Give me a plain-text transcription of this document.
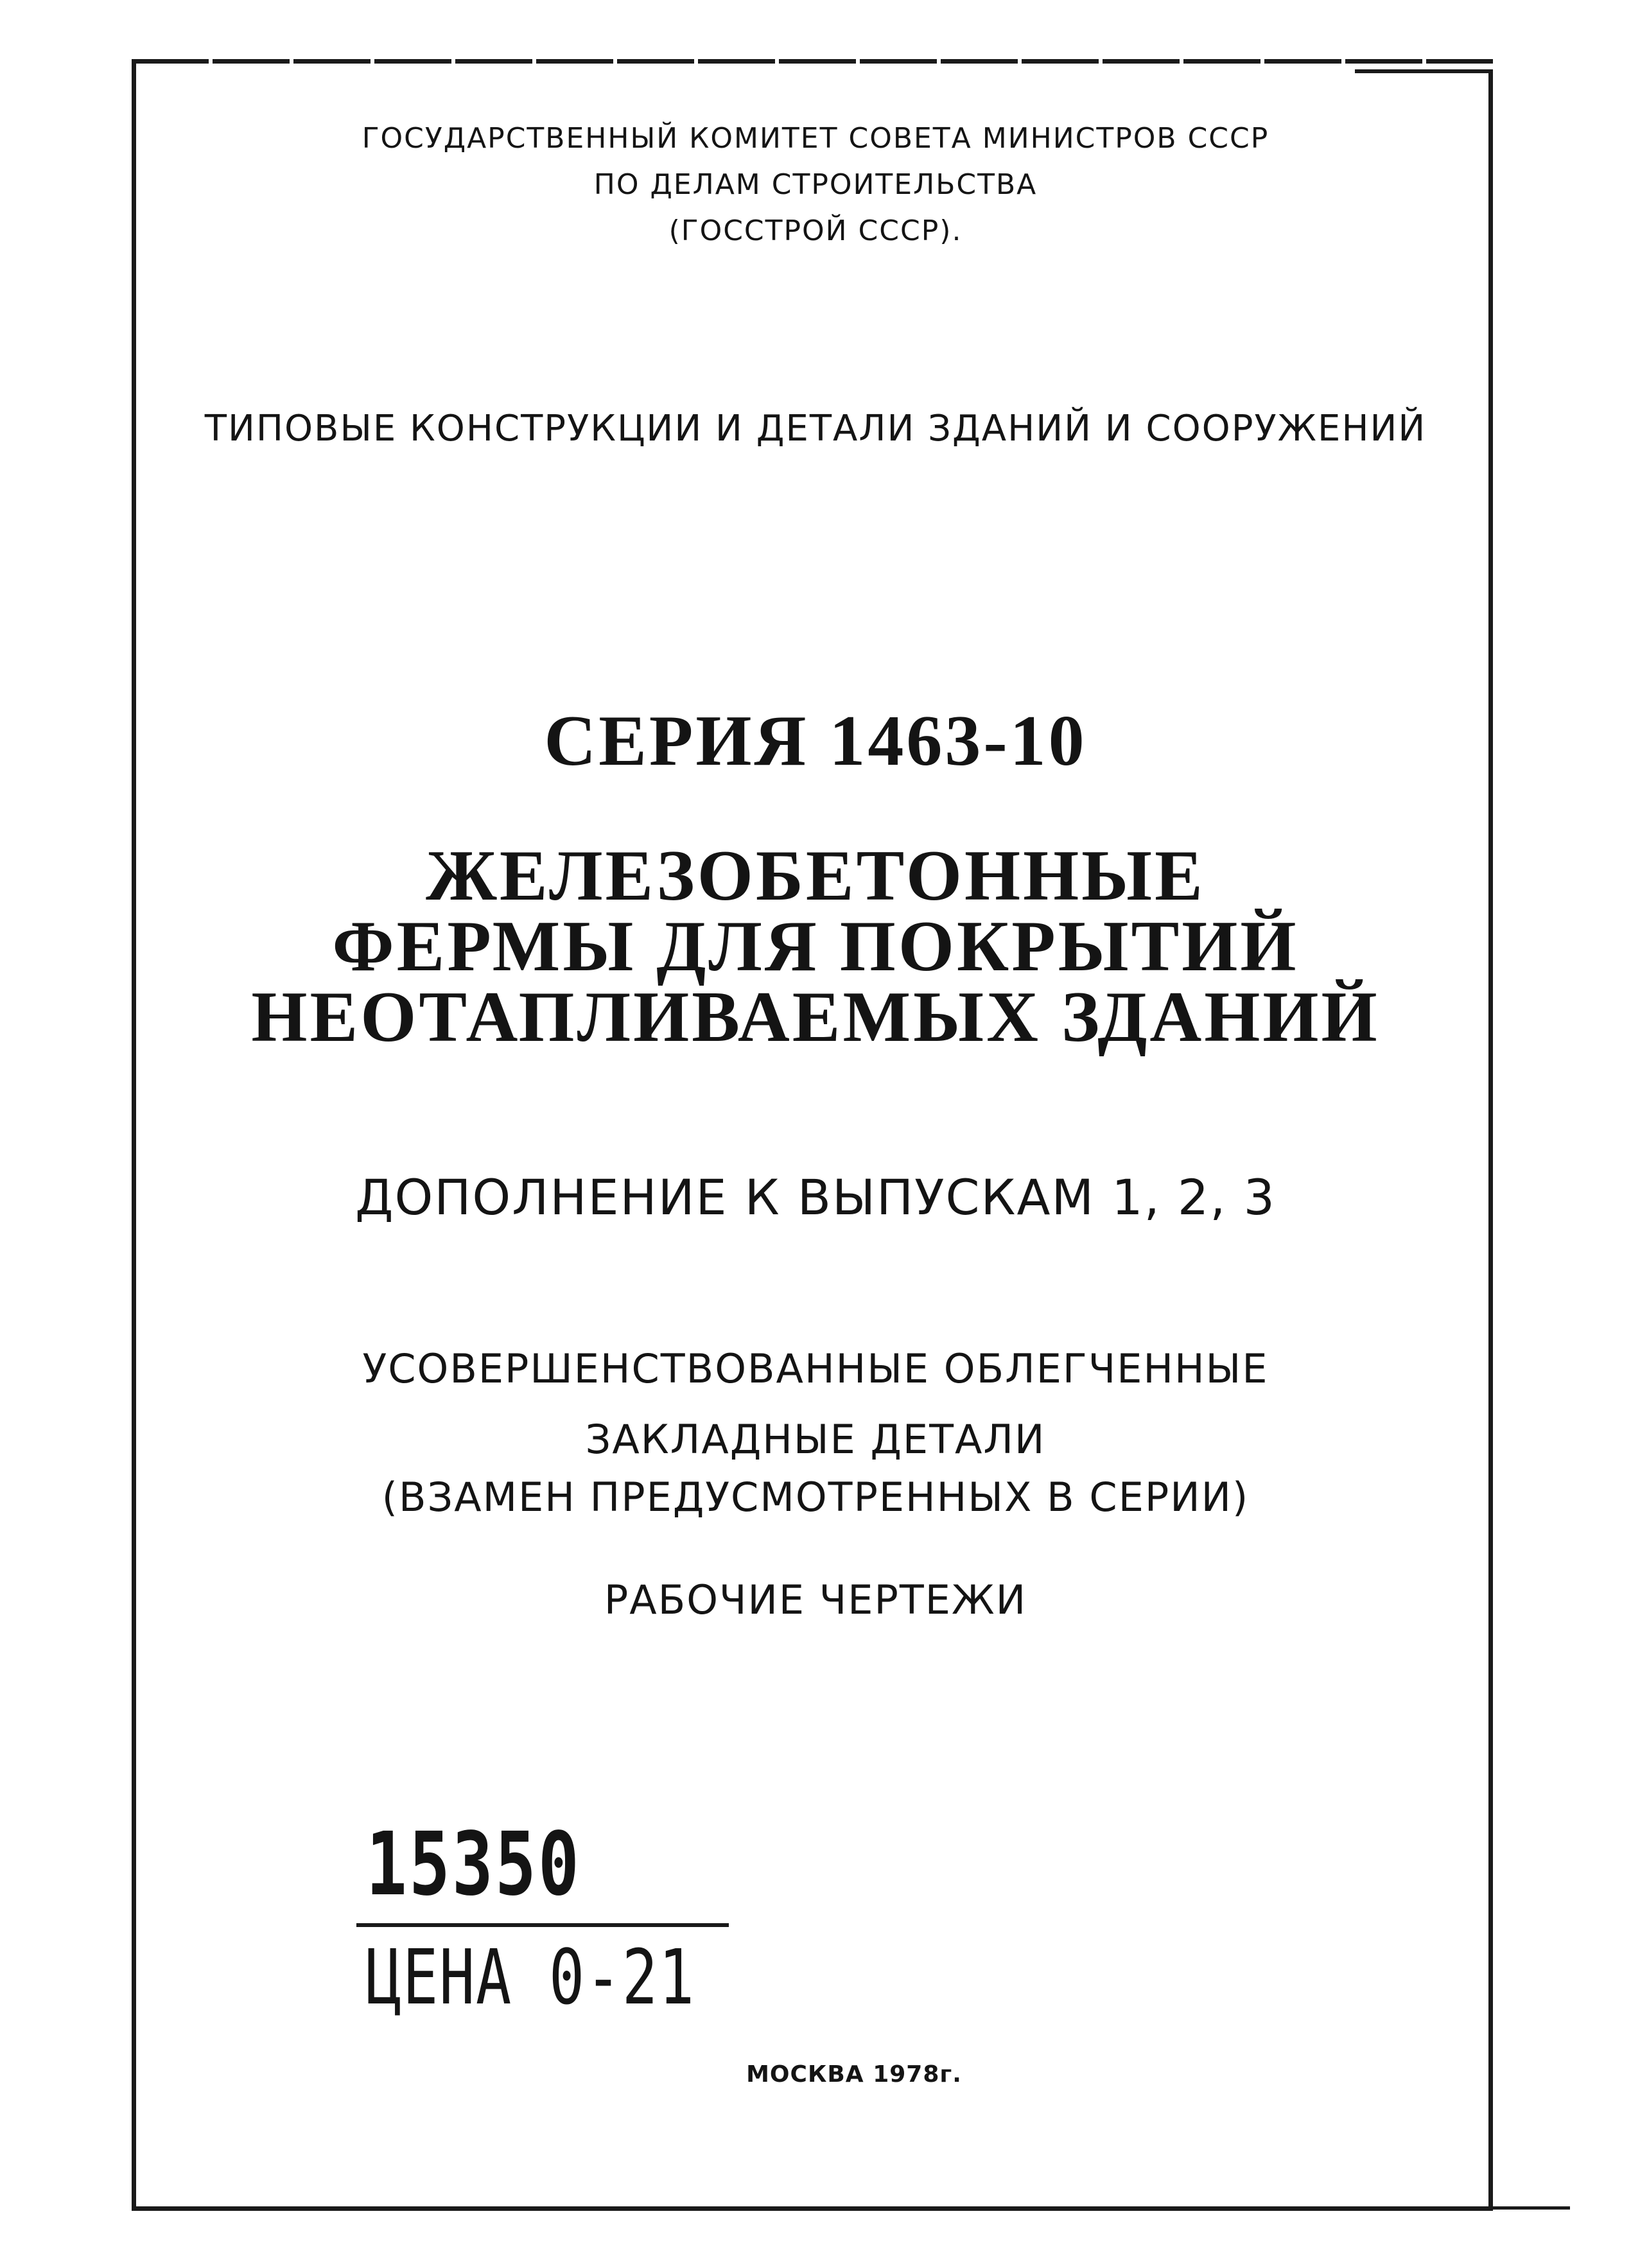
ГОСУДАРСТВЕННЫЙ КОМИТЕТ СОВЕТА МИНИСТРОВ СССР
ПО ДЕЛАМ СТРОИТЕЛЬСТВА
(ГОССТРОЙ СССР).
ТИПОВЫЕ КОНСТРУКЦИИ И ДЕТАЛИ ЗДАНИЙ И СООРУЖЕНИЙ
СЕРИЯ 1463-10
ЖЕЛЕЗОБЕТОННЫЕ
ФЕРМЫ ДЛЯ ПОКРЫТИЙ
НЕОТАПЛИВАЕМЫХ ЗДАНИЙ
ДОПОЛНЕНИЕ К ВЫПУСКАМ 1, 2, 3
УСОВЕРШЕНСТВОВАННЫЕ ОБЛЕГЧЕННЫЕ
ЗАКЛАДНЫЕ ДЕТАЛИ
(ВЗАМЕН ПРЕДУСМОТРЕННЫХ В СЕРИИ)
РАБОЧИЕ ЧЕРТЕЖИ
15350
ЦЕНА 0-21
МОСКВА 1978г.
